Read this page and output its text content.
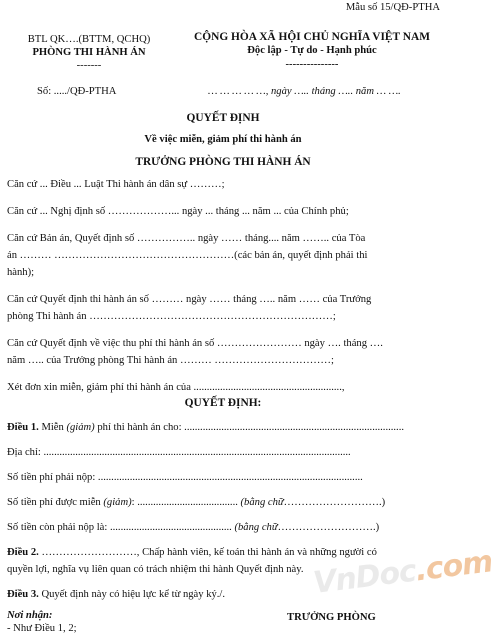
Mẫu số 15/QĐ-PTHA
BTL QK….(BTTM, QCHQ)
PHÒNG THI HÀNH ÁN
-------
CỘNG HÒA XÃ HỘI CHỦ NGHĨA VIỆT NAM
Độc lập - Tự do - Hạnh phúc
---------------
Số: ...../QĐ-PTHA	… … … … …, ngày ….. tháng ….. năm … ….
QUYẾT ĐỊNH
Về việc miễn, giảm phí thi hành án
TRƯỞNG PHÒNG THI HÀNH ÁN
Căn cứ ... Điều ... Luật Thi hành án dân sự ………;
Căn cứ ... Nghị định số ………………... ngày ... tháng ... năm ... của Chính phủ;
Căn cứ Bản án, Quyết định số …………….. ngày …… tháng.... năm …….. của Tòa
án ……… ……………………………………………(các bản án, quyết định phải thi
hành);
Căn cứ Quyết định thi hành án số ……… ngày …… tháng ….. năm …… của Trưởng
phòng Thi hành án ……………………………………………………………;
Căn cứ Quyết định về việc thu phí thi hành án số …………………… ngày …. tháng ….
năm ….. của Trưởng phòng Thi hành án ……… ……………………………;
Xét đơn xin miễn, giảm phí thi hành án của ........................................................,
QUYẾT ĐỊNH:
Điều 1. Miễn (giảm) phí thi hành án cho: ...................................................................................
Địa chỉ: ....................................................................................................................
Số tiền phí phải nộp: ....................................................................................................
Số tiền phí được miễn (giảm): ...................................... (bằng chữ……………………….)
Số tiền còn phải nộp là: .............................................. (bằng chữ……………………….)
Điều 2. ………………………, Chấp hành viên, kế toán thi hành án và những người có
quyền lợi, nghĩa vụ liên quan có trách nhiệm thi hành Quyết định này.
Điều 3. Quyết định này có hiệu lực kể từ ngày ký./.
Nơi nhận:
- Như Điều 1, 2;
TRƯỞNG PHÒNG
VnDoc.com
